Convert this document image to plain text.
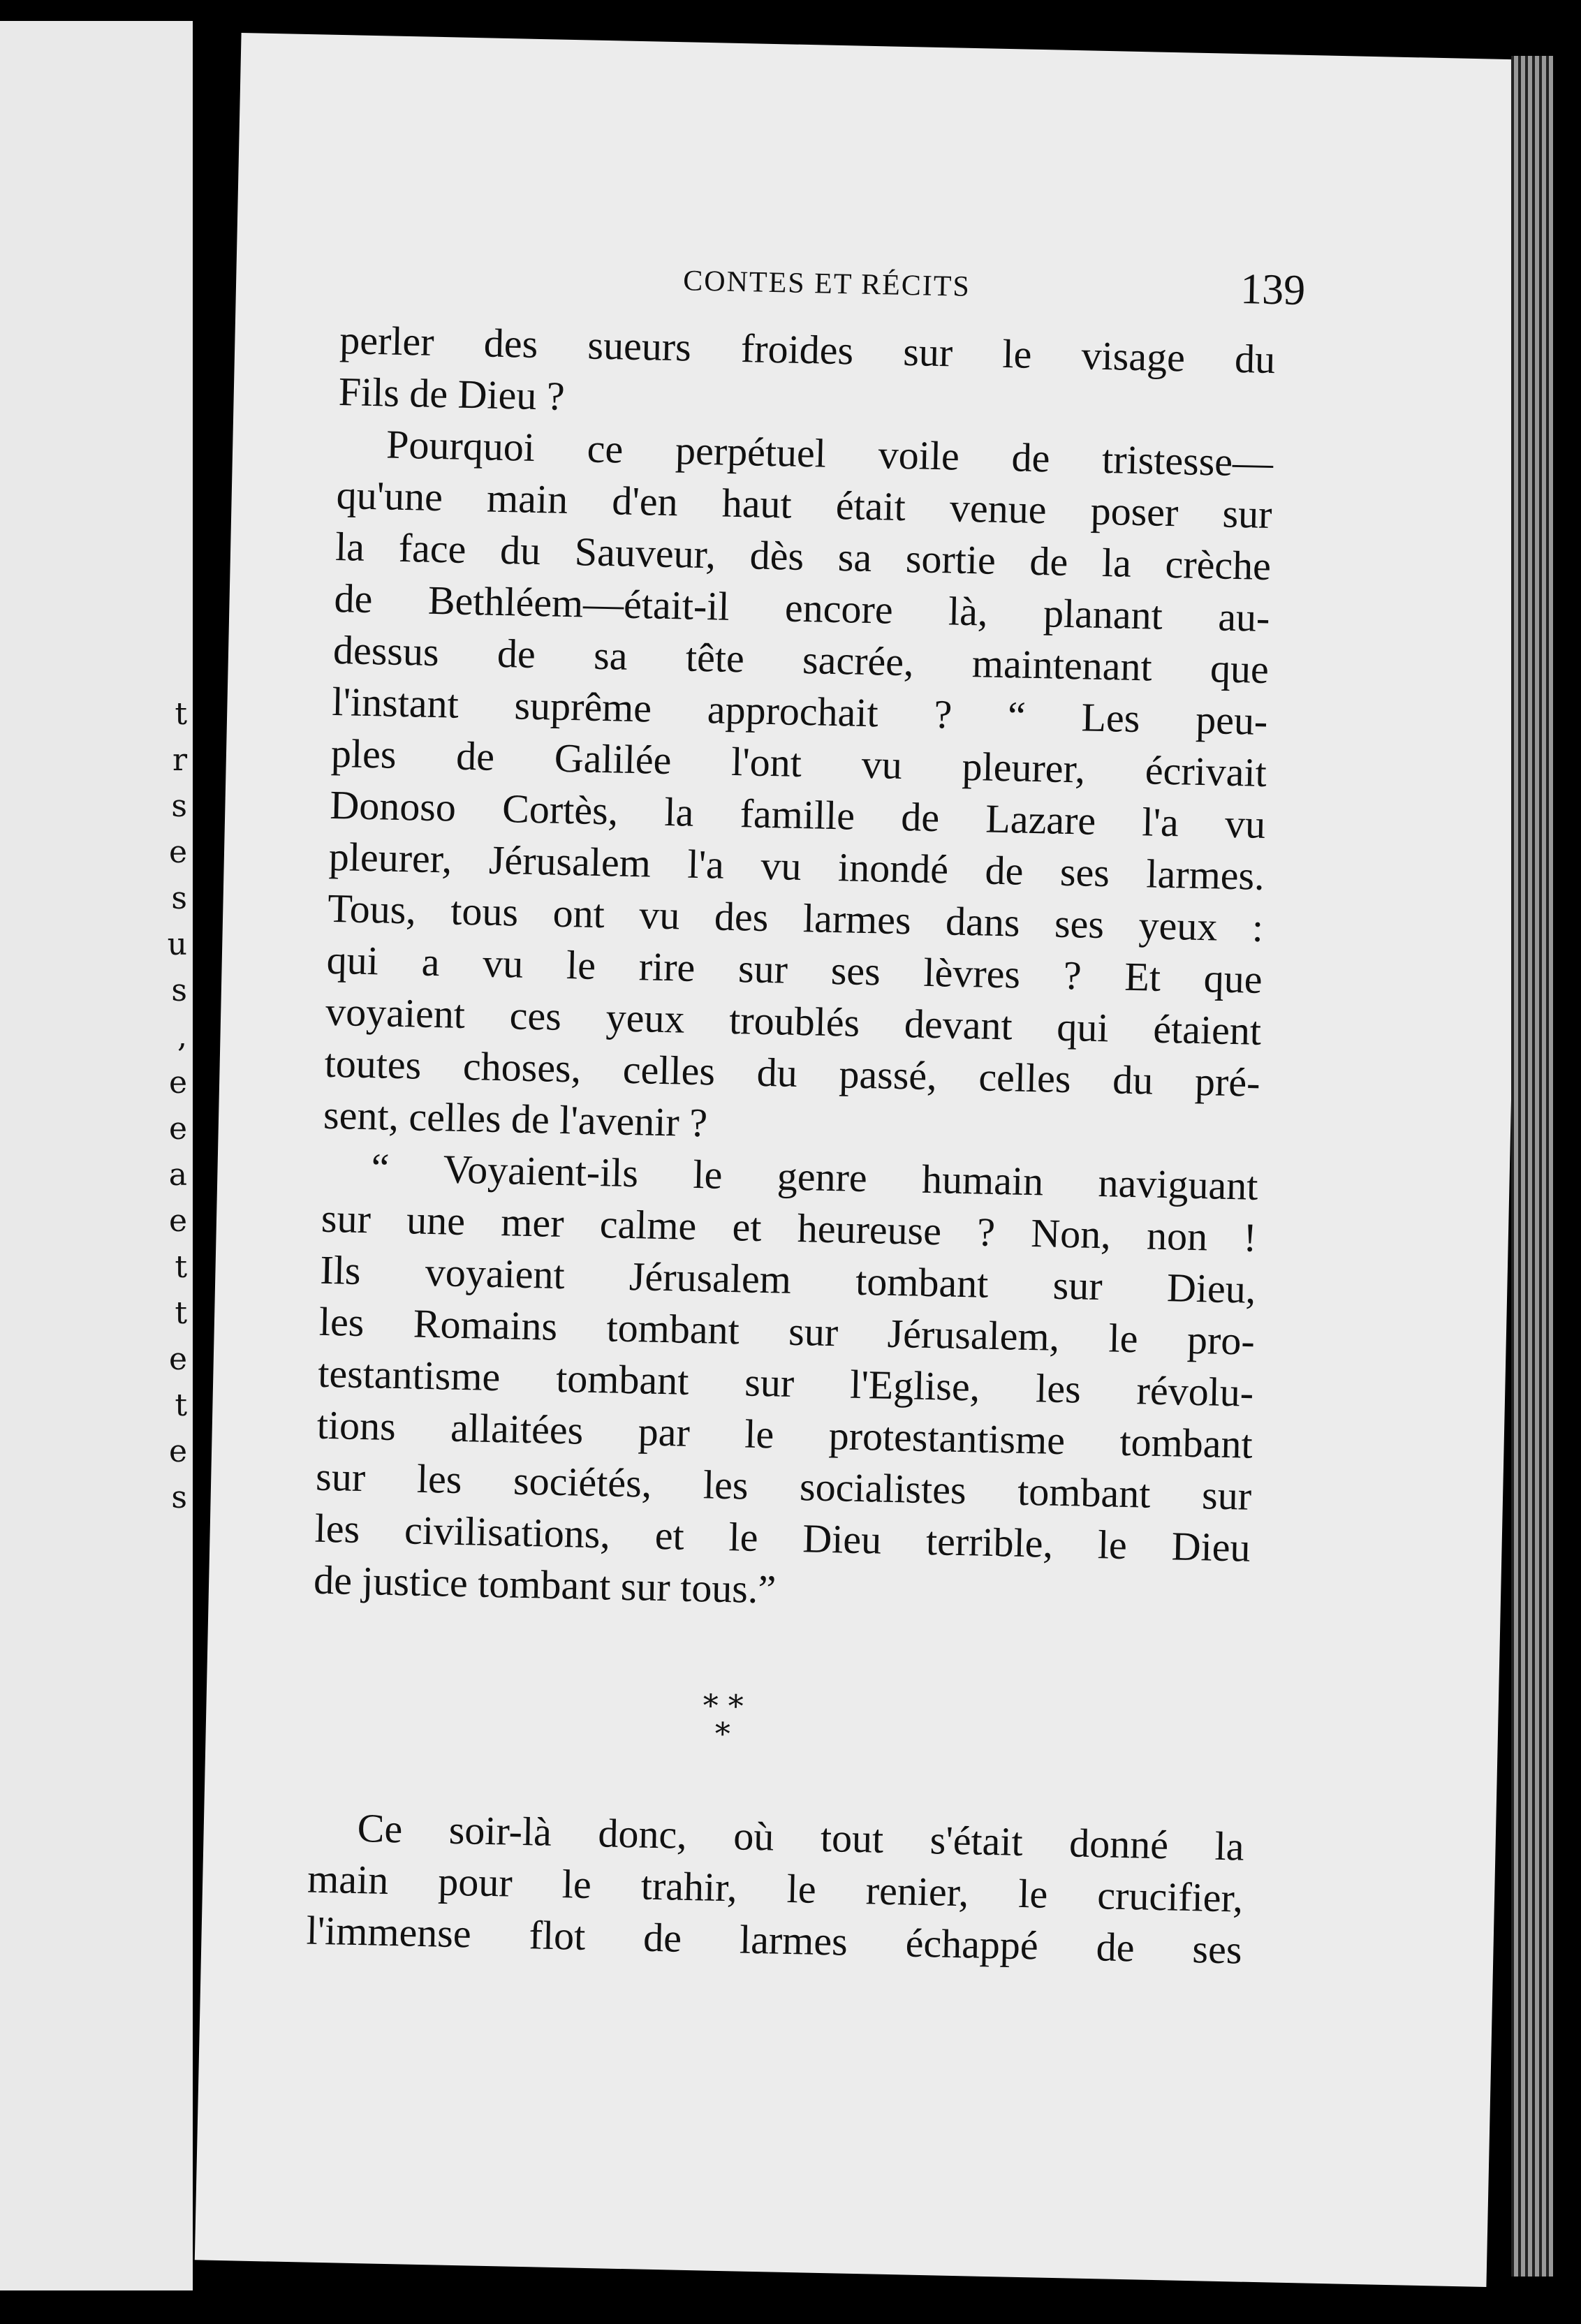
t
r
s
e
s
u
s
,
e
e
a
e
t
t
e
t
e
s
CONTES ET RÉCITS	139
perler des sueurs froides sur le visage du
Fils de Dieu ?
Pourquoi ce perpétuel voile de tristesse—
qu'une main d'en haut était venue poser sur
la face du Sauveur, dès sa sortie de la crèche
de Bethléem—était-il encore là, planant au-
dessus de sa tête sacrée, maintenant que
l'instant suprême approchait ? “ Les peu-
ples de Galilée l'ont vu pleurer, écrivait
Donoso Cortès, la famille de Lazare l'a vu
pleurer, Jérusalem l'a vu inondé de ses larmes.
Tous, tous ont vu des larmes dans ses yeux :
qui a vu le rire sur ses lèvres ? Et que
voyaient ces yeux troublés devant qui étaient
toutes choses, celles du passé, celles du pré-
sent, celles de l'avenir ?
“ Voyaient-ils le genre humain naviguant
sur une mer calme et heureuse ? Non, non !
Ils voyaient Jérusalem tombant sur Dieu,
les Romains tombant sur Jérusalem, le pro-
testantisme tombant sur l'Eglise, les révolu-
tions allaitées par le protestantisme tombant
sur les sociétés, les socialistes tombant sur
les civilisations, et le Dieu terrible, le Dieu
de justice tombant sur tous.”
* *
*
Ce soir-là donc, où tout s'était donné la
main pour le trahir, le renier, le crucifier,
l'immense flot de larmes échappé de ses
